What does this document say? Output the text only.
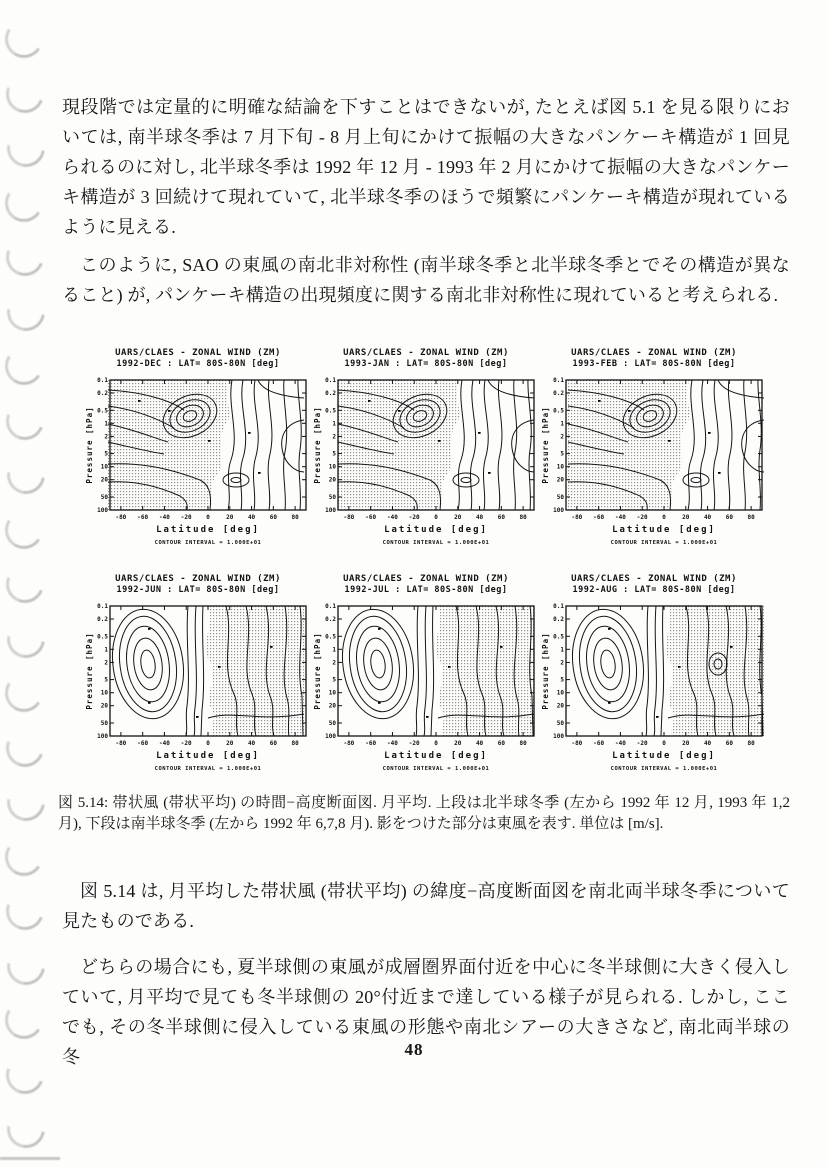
現段階では定量的に明確な結論を下すことはできないが, たとえば図 5.1 を見る限りにおいては, 南半球冬季は 7 月下旬 - 8 月上旬にかけて振幅の大きなパンケーキ構造が 1 回見られるのに対し, 北半球冬季は 1992 年 12 月 - 1993 年 2 月にかけて振幅の大きなパンケーキ構造が 3 回続けて現れていて, 北半球冬季のほうで頻繁にパンケーキ構造が現れているように見える.
このように, SAO の東風の南北非対称性 (南半球冬季と北半球冬季とでその構造が異なること) が, パンケーキ構造の出現頻度に関する南北非対称性に現れていると考えられる.
UARS/CLAES - ZONAL WIND (ZM)
1992-DEC : LAT= 80S-80N [deg]
0.1
0.2
0.5
1
2
5
10
20
50
100
-80 -60 -40 -20 0	20 40 60 80
Pressure [hPa]
Latitude [deg]
CONTOUR INTERVAL = 1.000E+01
UARS/CLAES - ZONAL WIND (ZM)
1993-JAN : LAT= 80S-80N [deg]
0.1
0.2
0.5
1
2
5
10
20
50
100
-80 -60 -40 -20 0	20 40 60 80
Pressure [hPa]
Latitude [deg]
CONTOUR INTERVAL = 1.000E+01
UARS/CLAES - ZONAL WIND (ZM)
1993-FEB : LAT= 80S-80N [deg]
0.1
0.2
0.5
1
2
5
10
20
50
100
-80 -60 -40 -20 0	20 40 60 80
Pressure [hPa]
Latitude [deg]
CONTOUR INTERVAL = 1.000E+01
UARS/CLAES - ZONAL WIND (ZM)
1992-JUN : LAT= 80S-80N [deg]
0.1
0.2
0.5
1
2
5
10
20
50
100
-80 -60 -40 -20 0	20 40 60 80
Pressure [hPa]
Latitude [deg]
CONTOUR INTERVAL = 1.000E+01
UARS/CLAES - ZONAL WIND (ZM)
1992-JUL : LAT= 80S-80N [deg]
0.1
0.2
0.5
1
2
5
10
20
50
100
-80 -60 -40 -20 0	20 40 60 80
Pressure [hPa]
Latitude [deg]
CONTOUR INTERVAL = 1.000E+01
UARS/CLAES - ZONAL WIND (ZM)
1992-AUG : LAT= 80S-80N [deg]
0.1
0.2
0.5
1
2
5
10
20
50
100
-80 -60 -40 -20 0	20 40 60 80
Pressure [hPa]
Latitude [deg]
CONTOUR INTERVAL = 1.000E+01
図 5.14: 帯状風 (帯状平均) の時間−高度断面図. 月平均. 上段は北半球冬季 (左から 1992 年 12 月, 1993 年 1,2 月), 下段は南半球冬季 (左から 1992 年 6,7,8 月). 影をつけた部分は東風を表す. 単位は [m/s].
図 5.14 は, 月平均した帯状風 (帯状平均) の緯度−高度断面図を南北両半球冬季について見たものである.
どちらの場合にも, 夏半球側の東風が成層圏界面付近を中心に冬半球側に大きく侵入していて, 月平均で見ても冬半球側の 20°付近まで達している様子が見られる. しかし, ここでも, その冬半球側に侵入している東風の形態や南北シアーの大きさなど, 南北両半球の冬	48
